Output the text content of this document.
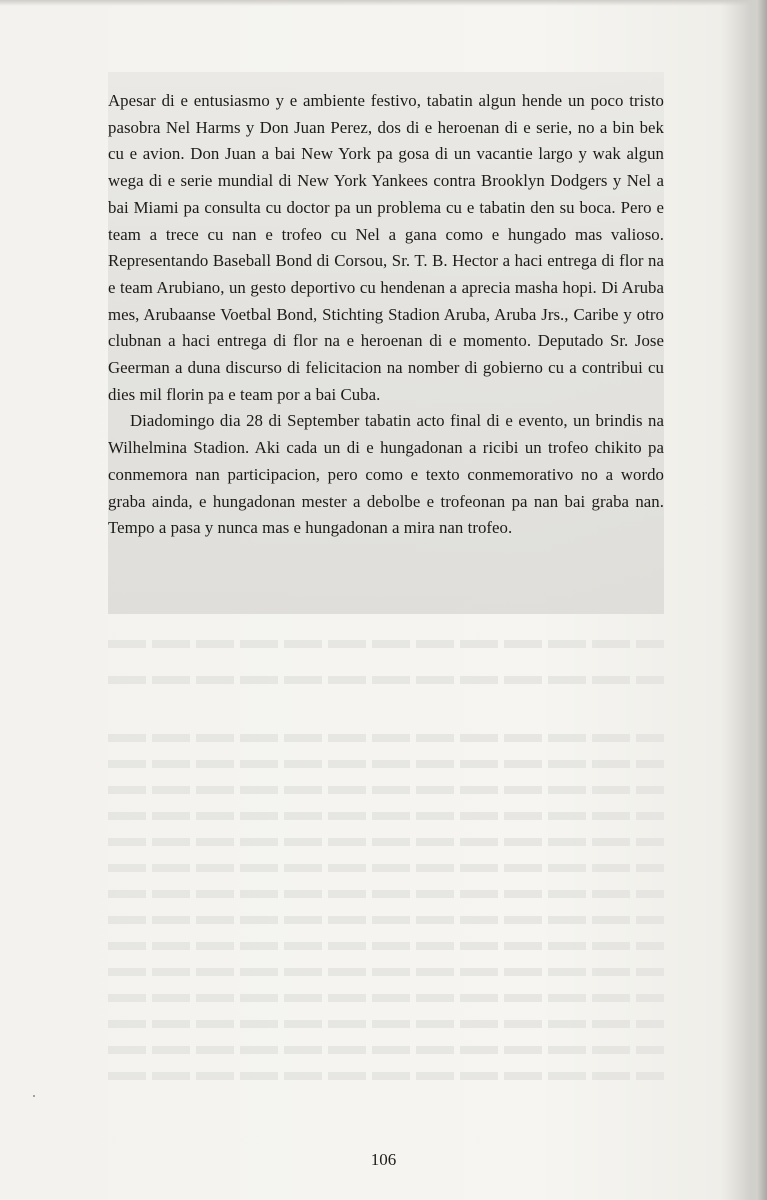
Apesar di e entusiasmo y e ambiente festivo, tabatin algun hende un poco tristo pasobra Nel Harms y Don Juan Perez, dos di e heroenan di e serie, no a bin bek cu e avion. Don Juan a bai New York pa gosa di un vacantie largo y wak algun wega di e serie mundial di New York Yankees contra Brooklyn Dodgers y Nel a bai Miami pa consulta cu doctor pa un problema cu e tabatin den su boca. Pero e team a trece cu nan e trofeo cu Nel a gana como e hungado mas valioso. Representando Baseball Bond di Corsou, Sr. T. B. Hector a haci entrega di flor na e team Arubiano, un gesto deportivo cu hendenan a aprecia masha hopi. Di Aruba mes, Arubaanse Voetbal Bond, Stichting Stadion Aruba, Aruba Jrs., Caribe y otro clubnan a haci entrega di flor na e heroenan di e momento. Deputado Sr. Jose Geerman a duna discurso di felicitacion na nomber di gobierno cu a contribui cu dies mil florin pa e team por a bai Cuba.

Diadomingo dia 28 di September tabatin acto final di e evento, un brindis na Wilhelmina Stadion. Aki cada un di e hungadonan a ricibi un trofeo chikito pa conmemora nan participacion, pero como e texto conmemorativo no a wordo graba ainda, e hungadonan mester a debolbe e trofeonan pa nan bai graba nan. Tempo a pasa y nunca mas e hungadonan a mira nan trofeo.

106
